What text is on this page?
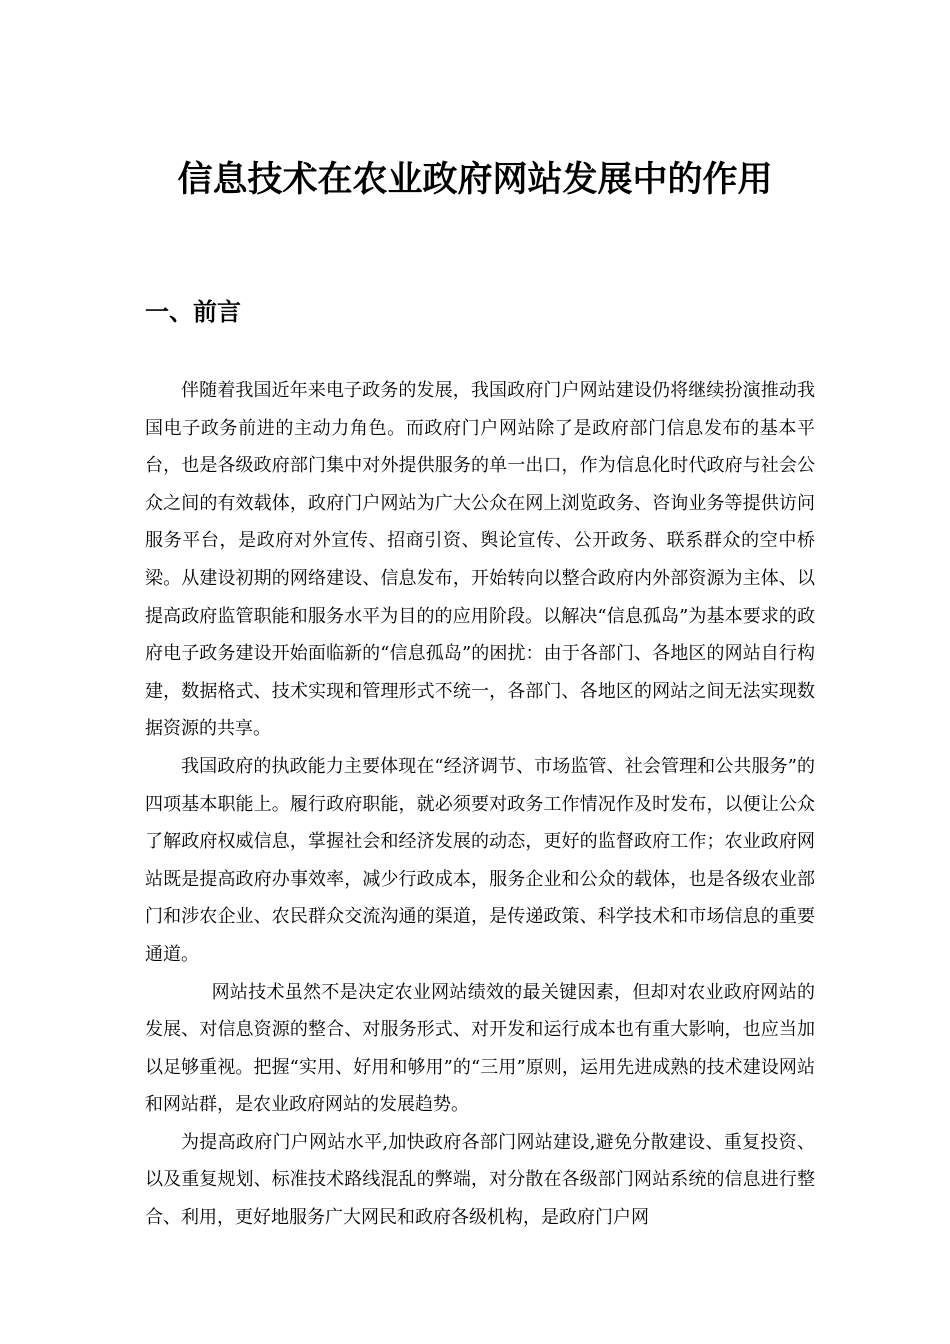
信息技术在农业政府网站发展中的作用
一、前言

伴随着我国近年来电子政务的发展，我国政府门户网站建设仍将继续扮演推动我国电子政务前进的主动力角色。而政府门户网站除了是政府部门信息发布的基本平台，也是各级政府部门集中对外提供服务的单一出口，作为信息化时代政府与社会公众之间的有效载体，政府门户网站为广大公众在网上浏览政务、咨询业务等提供访问服务平台，是政府对外宣传、招商引资、舆论宣传、公开政务、联系群众的空中桥梁。从建设初期的网络建设、信息发布，开始转向以整合政府内外部资源为主体、以提高政府监管职能和服务水平为目的的应用阶段。以解决“信息孤岛”为基本要求的政府电子政务建设开始面临新的“信息孤岛”的困扰：由于各部门、各地区的网站自行构建，数据格式、技术实现和管理形式不统一，各部门、各地区的网站之间无法实现数据资源的共享。

我国政府的执政能力主要体现在“经济调节、市场监管、社会管理和公共服务”的四项基本职能上。履行政府职能，就必须要对政务工作情况作及时发布，以便让公众了解政府权威信息，掌握社会和经济发展的动态，更好的监督政府工作；农业政府网站既是提高政府办事效率，减少行政成本，服务企业和公众的载体，也是各级农业部门和涉农企业、农民群众交流沟通的渠道，是传递政策、科学技术和市场信息的重要通道。

网站技术虽然不是决定农业网站绩效的最关键因素，但却对农业政府网站的发展、对信息资源的整合、对服务形式、对开发和运行成本也有重大影响，也应当加以足够重视。把握“实用、好用和够用”的“三用”原则，运用先进成熟的技术建设网站和网站群，是农业政府网站的发展趋势。

为提高政府门户网站水平,加快政府各部门网站建设,避免分散建设、重复投资、以及重复规划、标准技术路线混乱的弊端，对分散在各级部门网站系统的信息进行整合、利用，更好地服务广大网民和政府各级机构，是政府门户网
